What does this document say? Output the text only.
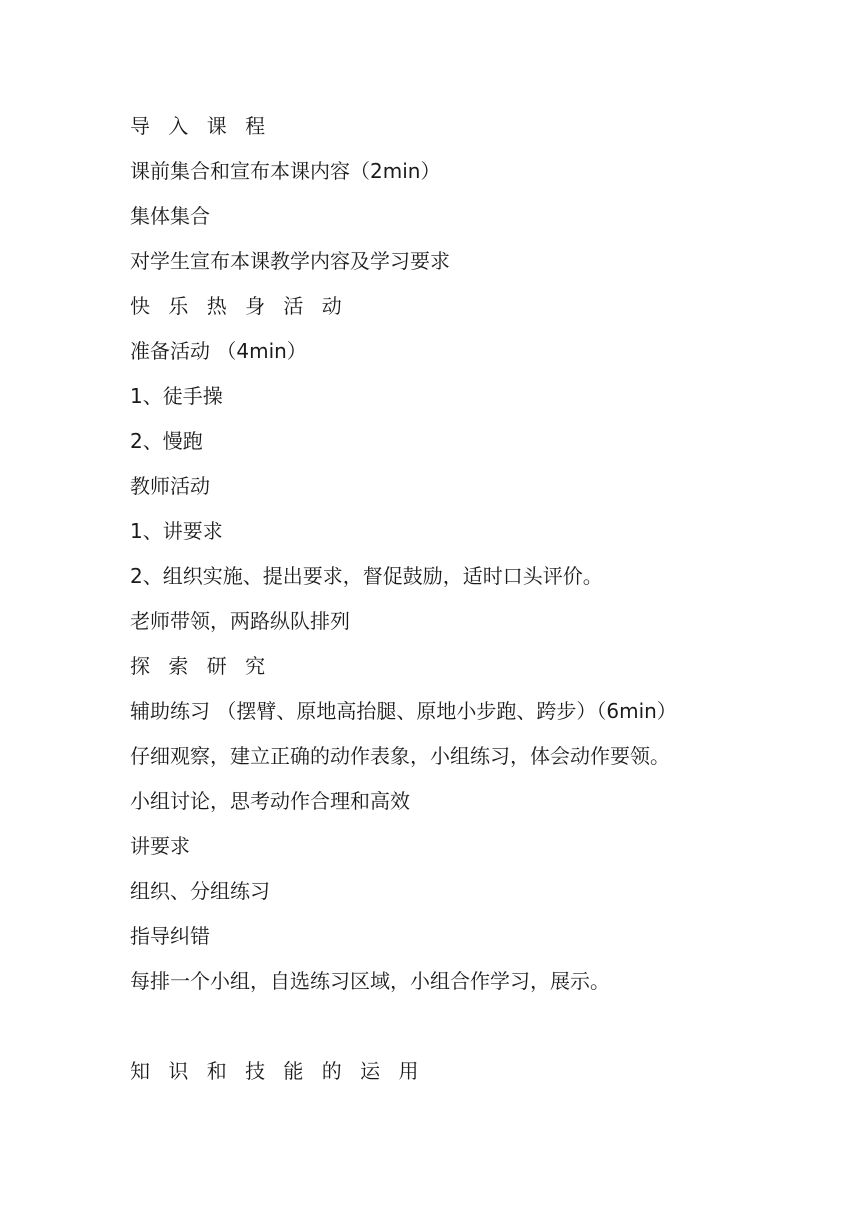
导 入 课 程
课前集合和宣布本课内容（2min）
集体集合
对学生宣布本课教学内容及学习要求
快 乐 热 身 活 动
准备活动 （4min）
1、徒手操
2、慢跑
教师活动
1、讲要求
2、组织实施、提出要求，督促鼓励，适时口头评价。
老师带领，两路纵队排列
探 索 研 究
辅助练习 （摆臂、原地高抬腿、原地小步跑、跨步）（6min）
仔细观察，建立正确的动作表象，小组练习，体会动作要领。
小组讨论，思考动作合理和高效
讲要求
组织、分组练习
指导纠错
每排一个小组，自选练习区域，小组合作学习，展示。
知 识 和 技 能 的 运 用
